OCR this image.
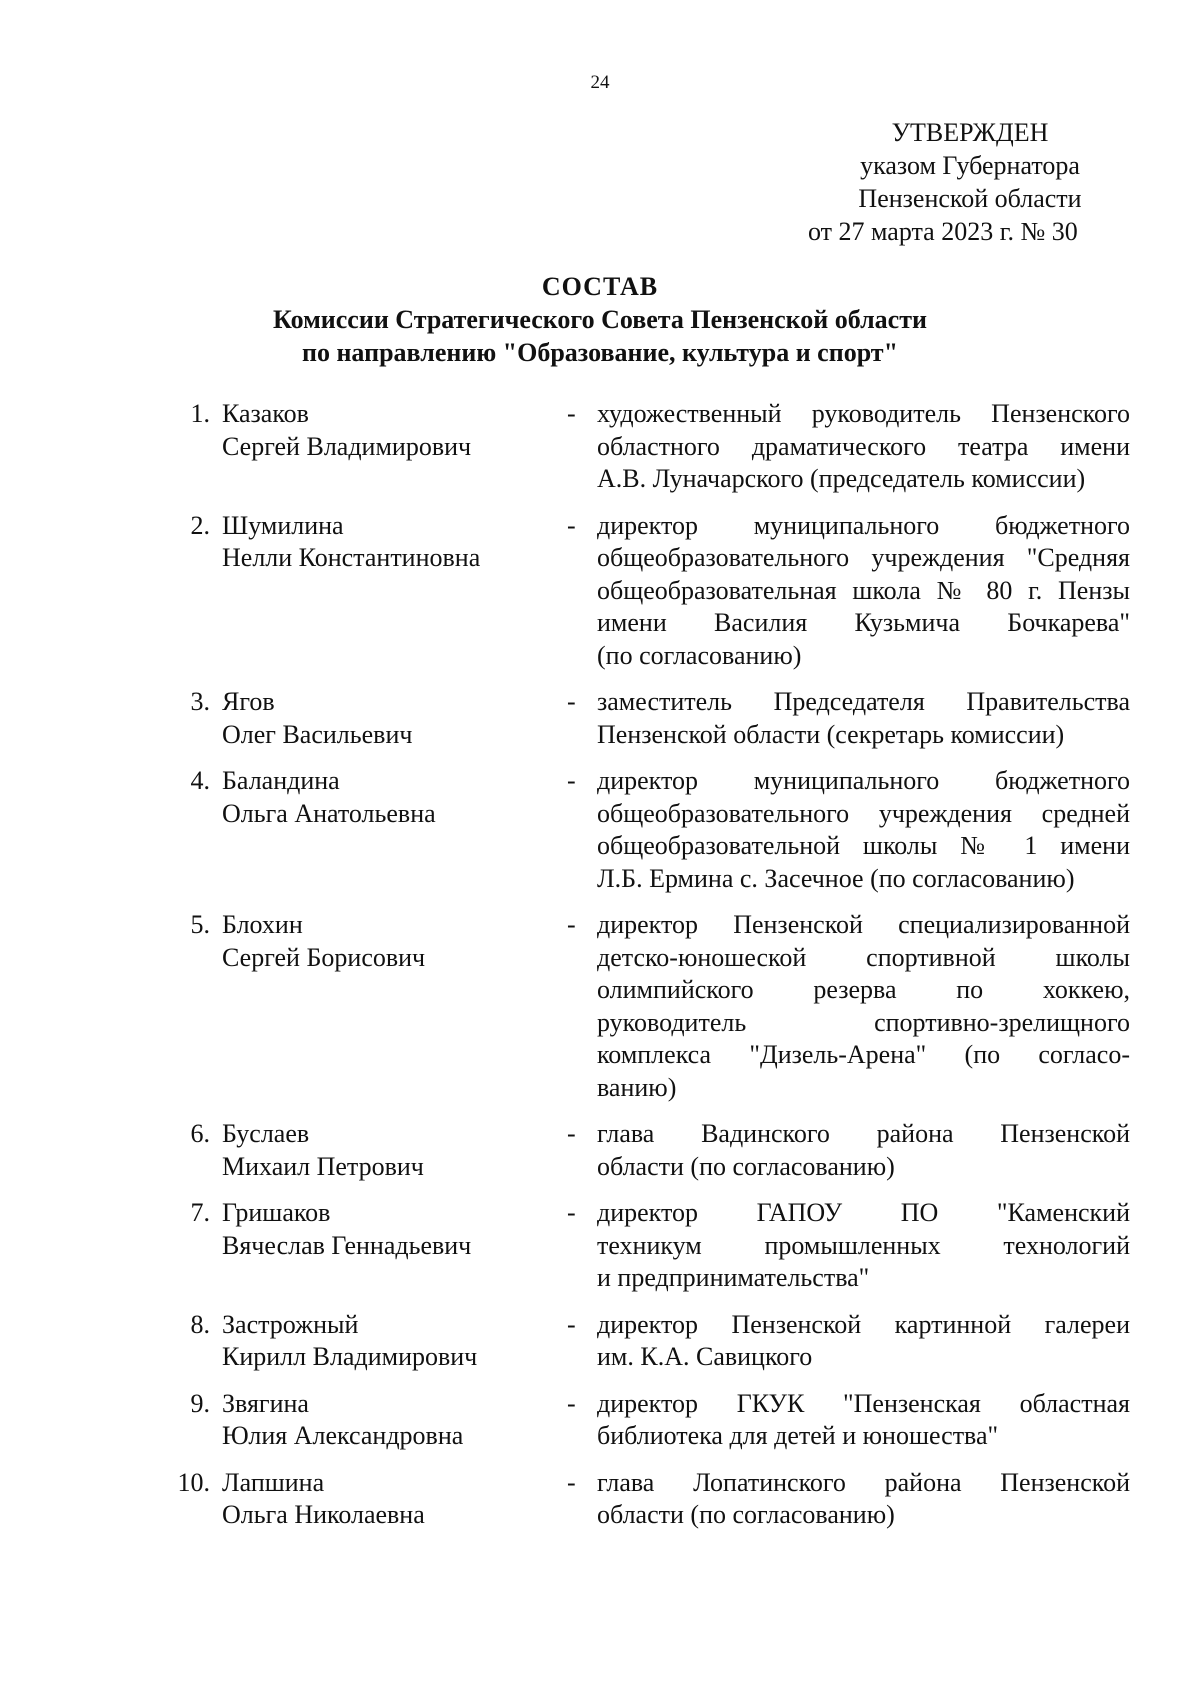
24
УТВЕРЖДЕН
указом Губернатора
Пензенской области
от 27 марта 2023 г. № 30
СОСТАВ
Комиссии Стратегического Совета Пензенской области
по направлению "Образование, культура и спорт"
1. Казаков
Сергей Владимирович
- художественный руководитель Пензенского
областного драматического театра имени
А.В. Луначарского (председатель комиссии)
2. Шумилина
Нелли Константиновна
- директор муниципального бюджетного
общеобразовательного учреждения "Средняя
общеобразовательная школа № 80 г. Пензы
имени Василия Кузьмича Бочкарева"
(по согласованию)
3. Ягов
Олег Васильевич
- заместитель Председателя Правительства
Пензенской области (секретарь комиссии)
4. Баландина
Ольга Анатольевна
- директор муниципального бюджетного
общеобразовательного учреждения средней
общеобразовательной школы № 1 имени
Л.Б. Ермина с. Засечное (по согласованию)
5. Блохин
Сергей Борисович
- директор Пензенской специализированной
детско-юношеской спортивной школы
олимпийского резерва по хоккею,
руководитель спортивно-зрелищного
комплекса "Дизель-Арена" (по согласо-
ванию)
6. Буслаев
Михаил Петрович
- глава Вадинского района Пензенской
области (по согласованию)
7. Гришаков
Вячеслав Геннадьевич
- директор ГАПОУ ПО "Каменский
техникум промышленных технологий
и предпринимательства"
8. Застрожный
Кирилл Владимирович
- директор Пензенской картинной галереи
им. К.А. Савицкого
9. Звягина
Юлия Александровна
- директор ГКУК "Пензенская областная
библиотека для детей и юношества"
10. Лапшина
Ольга Николаевна
- глава Лопатинского района Пензенской
области (по согласованию)
